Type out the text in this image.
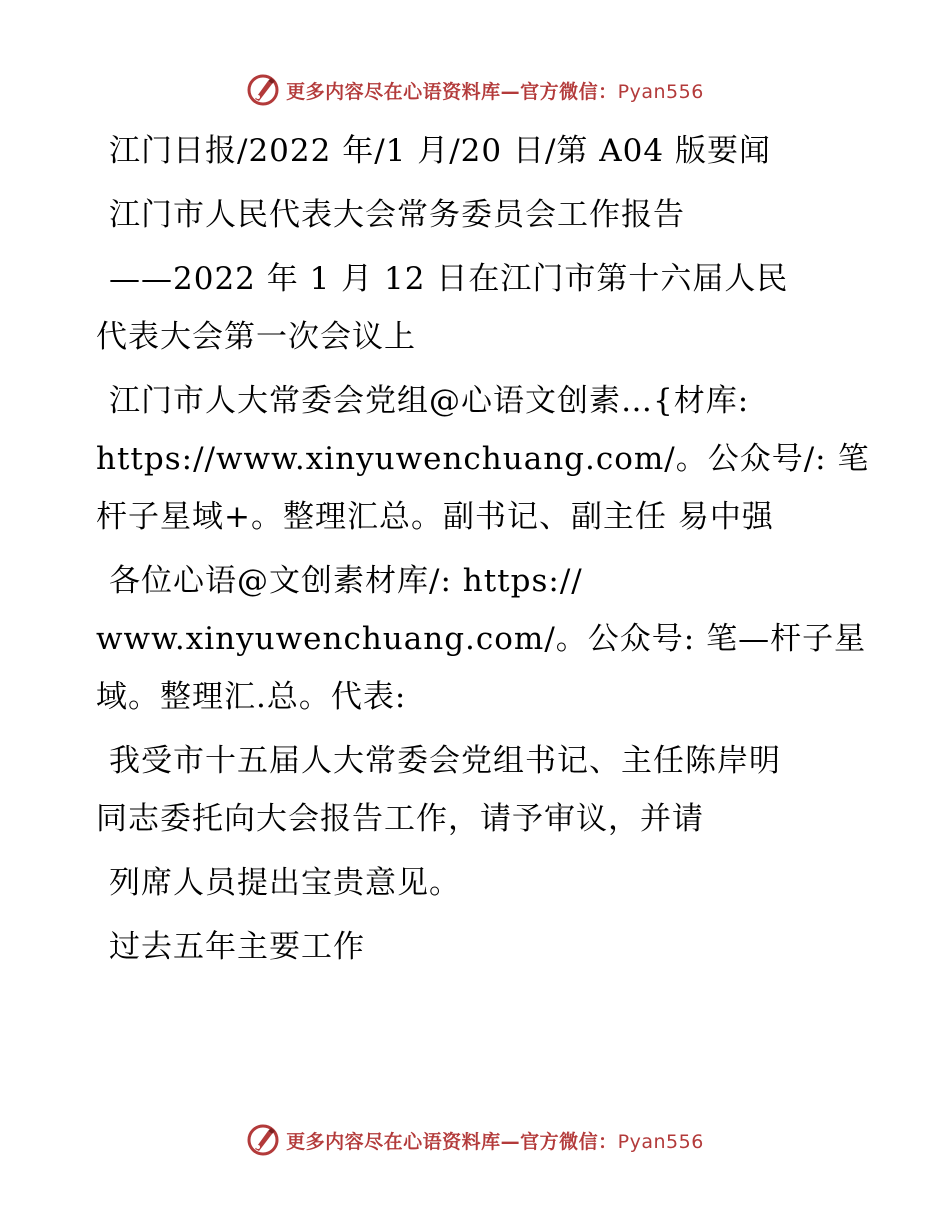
更多内容尽在心语资料库—官方微信：Pyan556
江门日报/2022 年/1 月/20 日/第 A04 版要闻
江门市人民代表大会常务委员会工作报告
——2022 年 1 月 12 日在江门市第十六届人民
代表大会第一次会议上
江门市人大常委会党组@心语文创素…{材库:
https://www.xinyuwenchuang.com/。公众号/: 笔
杆子星域+。整理汇总。副书记、副主任 易中强
各位心语@文创素材库/: https://
www.xinyuwenchuang.com/。公众号: 笔—杆子星
域。整理汇.总。代表:
我受市十五届人大常委会党组书记、主任陈岸明
同志委托向大会报告工作，请予审议，并请
列席人员提出宝贵意见。
过去五年主要工作
更多内容尽在心语资料库—官方微信：Pyan556
